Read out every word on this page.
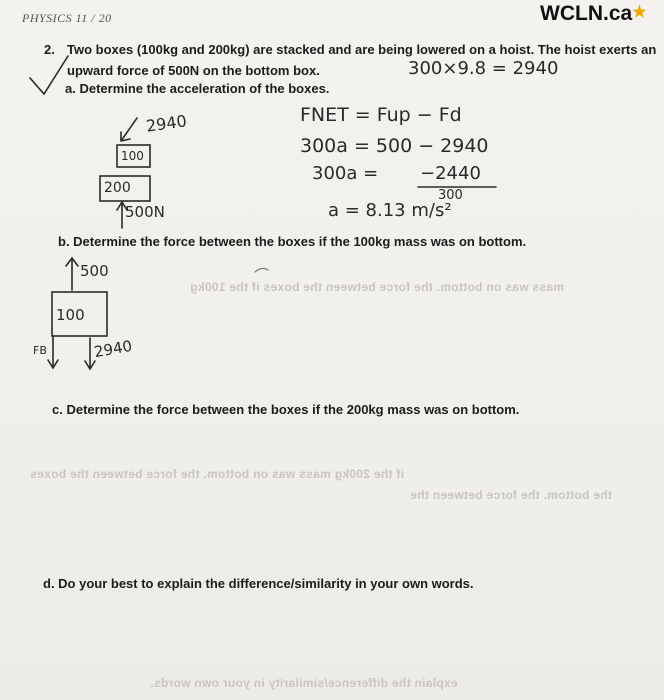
PHYSICS 11 / 20	WCLN.ca★
2. Two boxes (100kg and 200kg) are stacked and are being lowered on a hoist. The hoist exerts an
upward force of 500N on the bottom box.
a. Determine the acceleration of the boxes.
300×9.8 = 2940
2940
100
200
500N
FNET = Fup − Fd
300a = 500 − 2940
300a = −2440
300
a = 8.13 m/s²
b. Determine the force between the boxes if the 100kg mass was on bottom.
500
100
FB	2940
mass was on bottom. the force between the boxes if the 100kg
if the 200kg mass was on bottom. the force between the boxes
the bottom. the force between the
explain the difference/similarity in your own words.
c. Determine the force between the boxes if the 200kg mass was on bottom.
d. Do your best to explain the difference/similarity in your own words.
